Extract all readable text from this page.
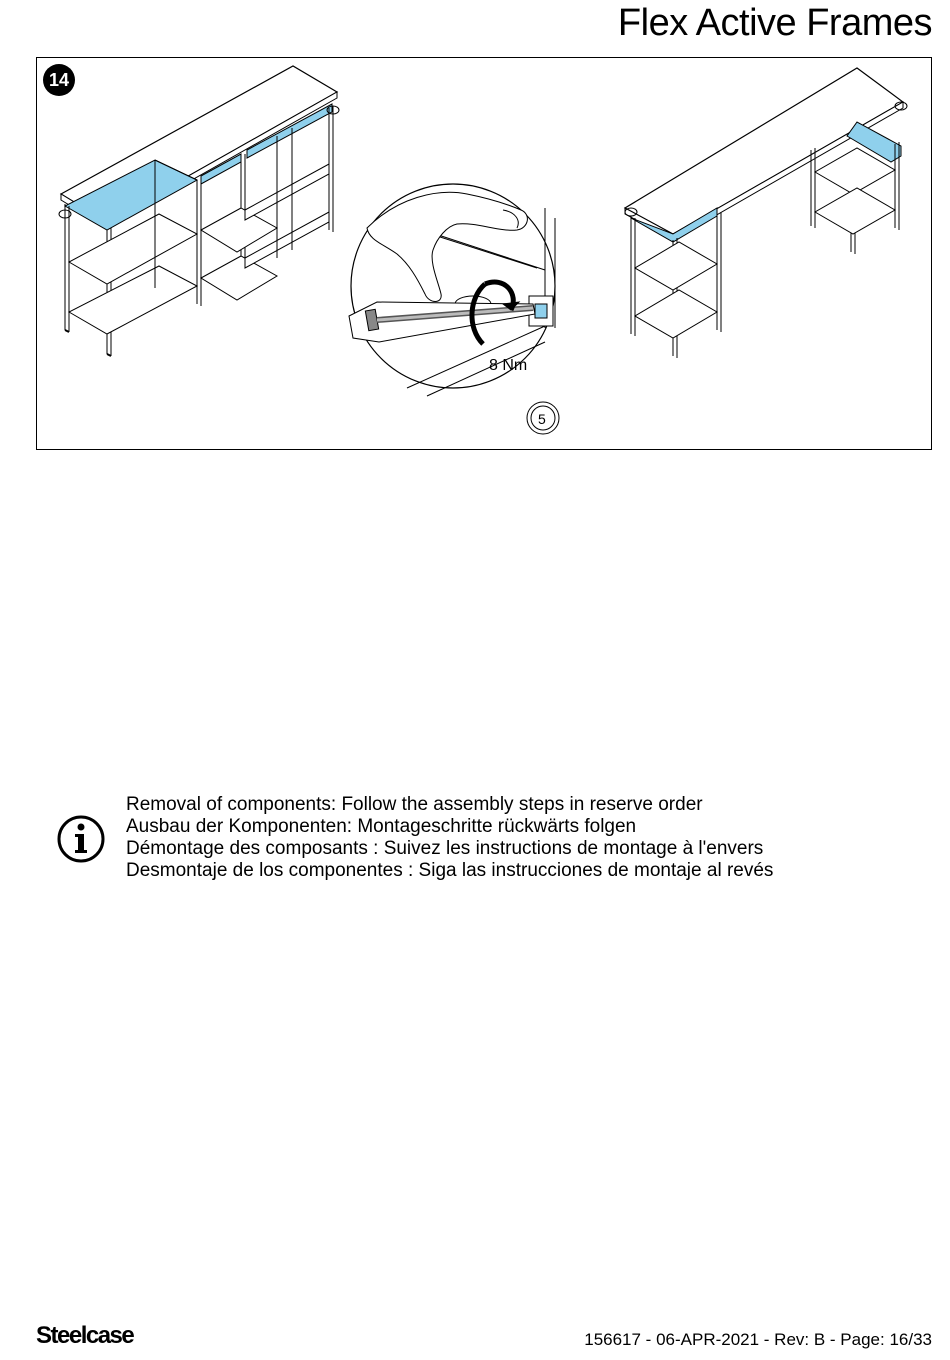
Flex Active Frames
14
8 Nm
5
Removal of components: Follow the assembly steps in reserve order
Ausbau der Komponenten: Montageschritte rückwärts folgen
Démontage des composants : Suivez les instructions de montage à l'envers
Desmontaje de los componentes : Siga las instrucciones de montaje al revés
Steelcase	156617 - 06-APR-2021 - Rev: B - Page: 16/33
